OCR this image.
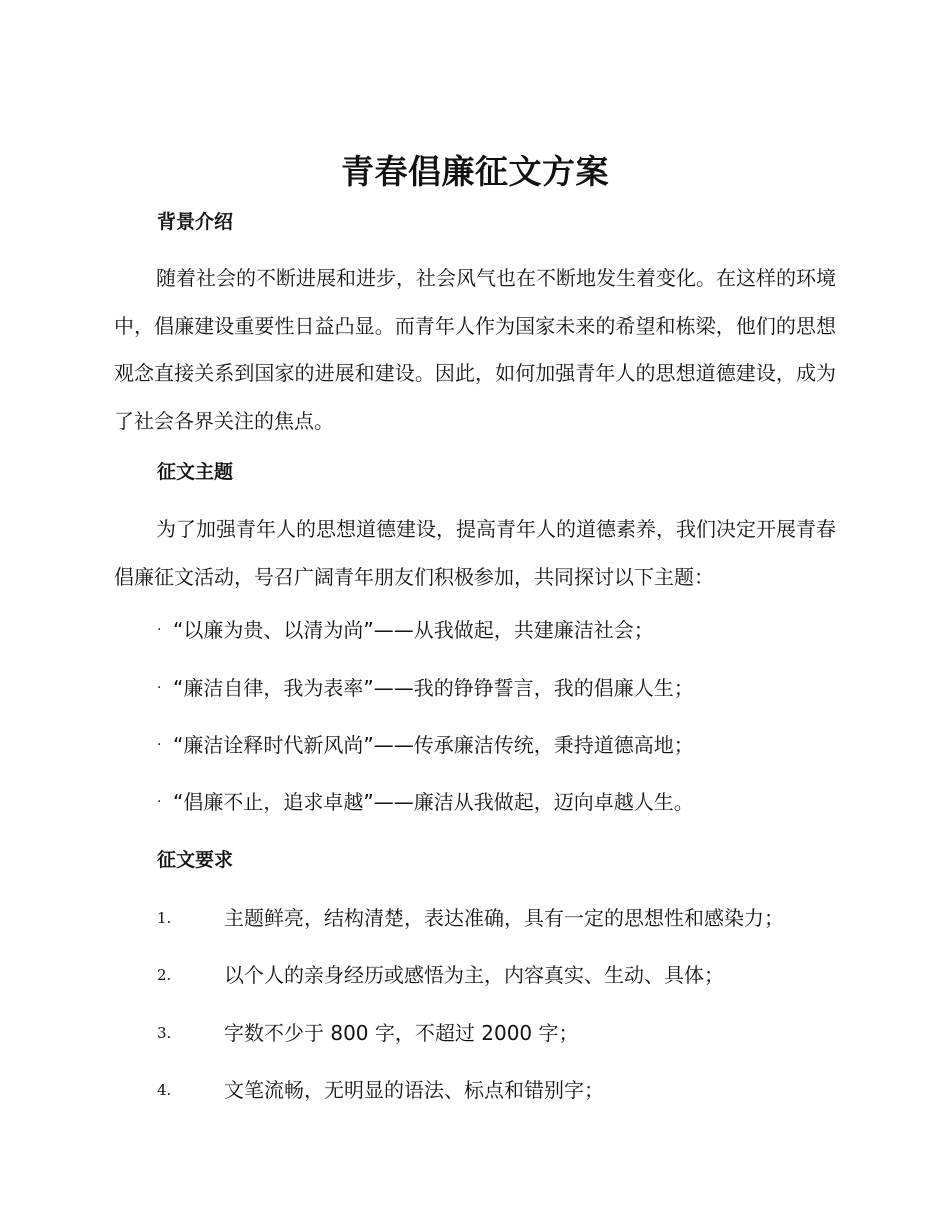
青春倡廉征文方案
背景介绍

随着社会的不断进展和进步，社会风气也在不断地发生着变化。在这样的环境中，倡廉建设重要性日益凸显。而青年人作为国家未来的希望和栋梁，他们的思想观念直接关系到国家的进展和建设。因此，如何加强青年人的思想道德建设，成为了社会各界关注的焦点。

征文主题

为了加强青年人的思想道德建设，提高青年人的道德素养，我们决定开展青春倡廉征文活动，号召广阔青年朋友们积极参加，共同探讨以下主题：

· “以廉为贵、以清为尚”——从我做起，共建廉洁社会；
· “廉洁自律，我为表率”——我的铮铮誓言，我的倡廉人生；
· “廉洁诠释时代新风尚”——传承廉洁传统，秉持道德高地；
· “倡廉不止，追求卓越”——廉洁从我做起，迈向卓越人生。
征文要求
1.	主题鲜亮，结构清楚，表达准确，具有一定的思想性和感染力；
2.	以个人的亲身经历或感悟为主，内容真实、生动、具体；
3.	字数不少于 800 字，不超过 2000 字；
4.	文笔流畅，无明显的语法、标点和错别字；
